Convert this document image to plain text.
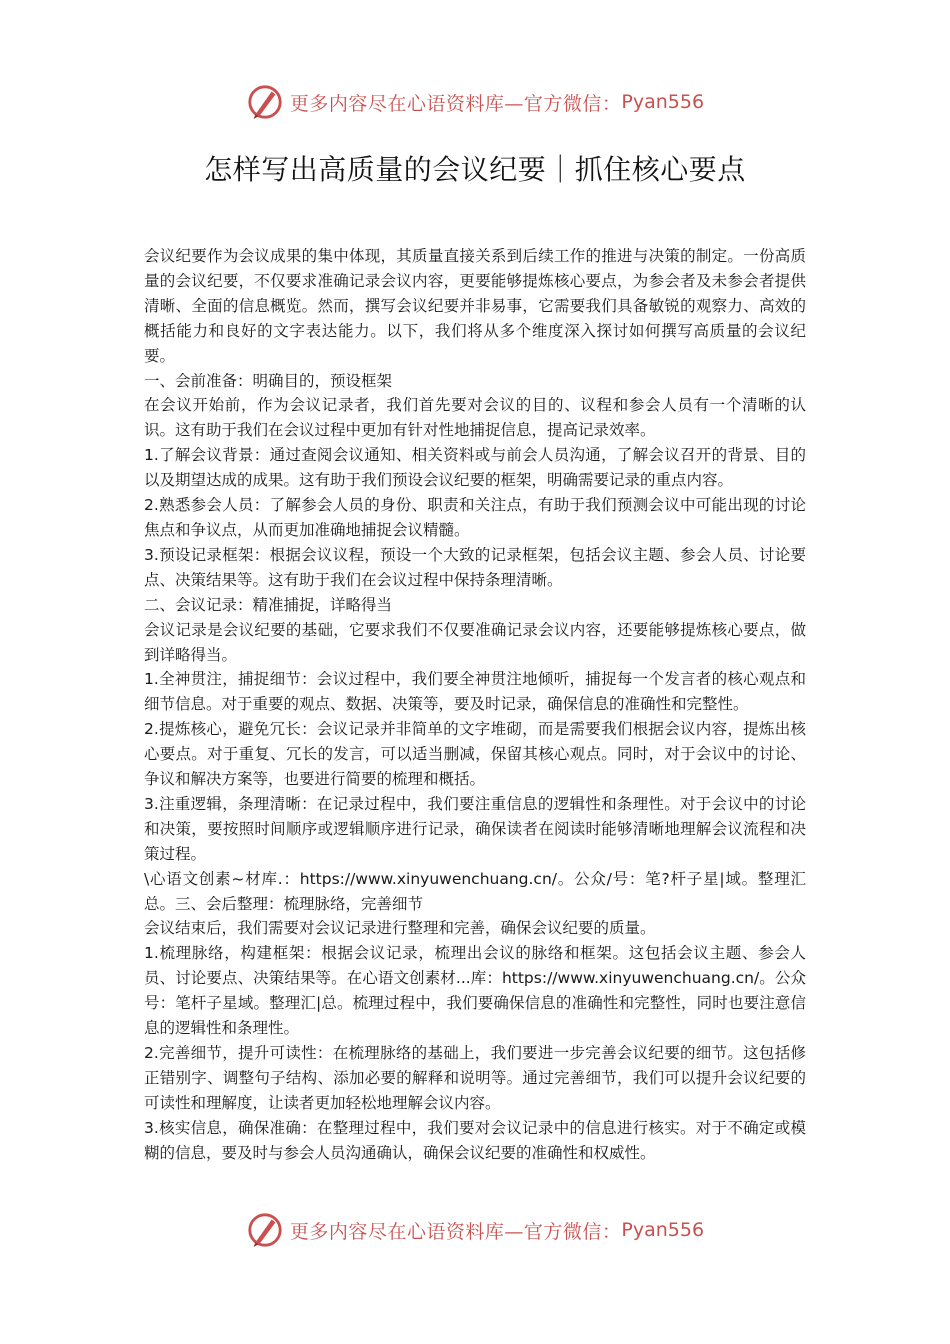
更多内容尽在心语资料库—官方微信： Pyan556
怎样写出高质量的会议纪要｜抓住核心要点

会议纪要作为会议成果的集中体现，其质量直接关系到后续工作的推进与决策的制定。一份高质量的会议纪要，不仅要求准确记录会议内容，更要能够提炼核心要点，为参会者及未参会者提供清晰、全面的信息概览。然而，撰写会议纪要并非易事，它需要我们具备敏锐的观察力、高效的概括能力和良好的文字表达能力。以下，我们将从多个维度深入探讨如何撰写高质量的会议纪要。

一、会前准备：明确目的，预设框架

在会议开始前，作为会议记录者，我们首先要对会议的目的、议程和参会人员有一个清晰的认识。这有助于我们在会议过程中更加有针对性地捕捉信息，提高记录效率。

1.了解会议背景：通过查阅会议通知、相关资料或与前会人员沟通，了解会议召开的背景、目的以及期望达成的成果。这有助于我们预设会议纪要的框架，明确需要记录的重点内容。

2.熟悉参会人员：了解参会人员的身份、职责和关注点，有助于我们预测会议中可能出现的讨论焦点和争议点，从而更加准确地捕捉会议精髓。

3.预设记录框架：根据会议议程，预设一个大致的记录框架，包括会议主题、参会人员、讨论要点、决策结果等。这有助于我们在会议过程中保持条理清晰。

二、会议记录：精准捕捉，详略得当

会议记录是会议纪要的基础，它要求我们不仅要准确记录会议内容，还要能够提炼核心要点，做到详略得当。

1.全神贯注，捕捉细节：会议过程中，我们要全神贯注地倾听，捕捉每一个发言者的核心观点和细节信息。对于重要的观点、数据、决策等，要及时记录，确保信息的准确性和完整性。

2.提炼核心，避免冗长：会议记录并非简单的文字堆砌，而是需要我们根据会议内容，提炼出核心要点。对于重复、冗长的发言，可以适当删减，保留其核心观点。同时，对于会议中的讨论、争议和解决方案等，也要进行简要的梳理和概括。

3.注重逻辑，条理清晰：在记录过程中，我们要注重信息的逻辑性和条理性。对于会议中的讨论和决策，要按照时间顺序或逻辑顺序进行记录，确保读者在阅读时能够清晰地理解会议流程和决策过程。

\心语文创素~材库.：https://www.xinyuwenchuang.cn/。公众/号：笔?杆子星|域。整理汇总。三、会后整理：梳理脉络，完善细节

会议结束后，我们需要对会议记录进行整理和完善，确保会议纪要的质量。

1.梳理脉络，构建框架：根据会议记录，梳理出会议的脉络和框架。这包括会议主题、参会人员、讨论要点、决策结果等。在心语文创素材...库：https://www.xinyuwenchuang.cn/。公众号：笔杆子星域。整理汇|总。梳理过程中，我们要确保信息的准确性和完整性，同时也要注意信息的逻辑性和条理性。

2.完善细节，提升可读性：在梳理脉络的基础上，我们要进一步完善会议纪要的细节。这包括修正错别字、调整句子结构、添加必要的解释和说明等。通过完善细节，我们可以提升会议纪要的可读性和理解度，让读者更加轻松地理解会议内容。

3.核实信息，确保准确：在整理过程中，我们要对会议记录中的信息进行核实。对于不确定或模糊的信息，要及时与参会人员沟通确认，确保会议纪要的准确性和权威性。

更多内容尽在心语资料库—官方微信： Pyan556
